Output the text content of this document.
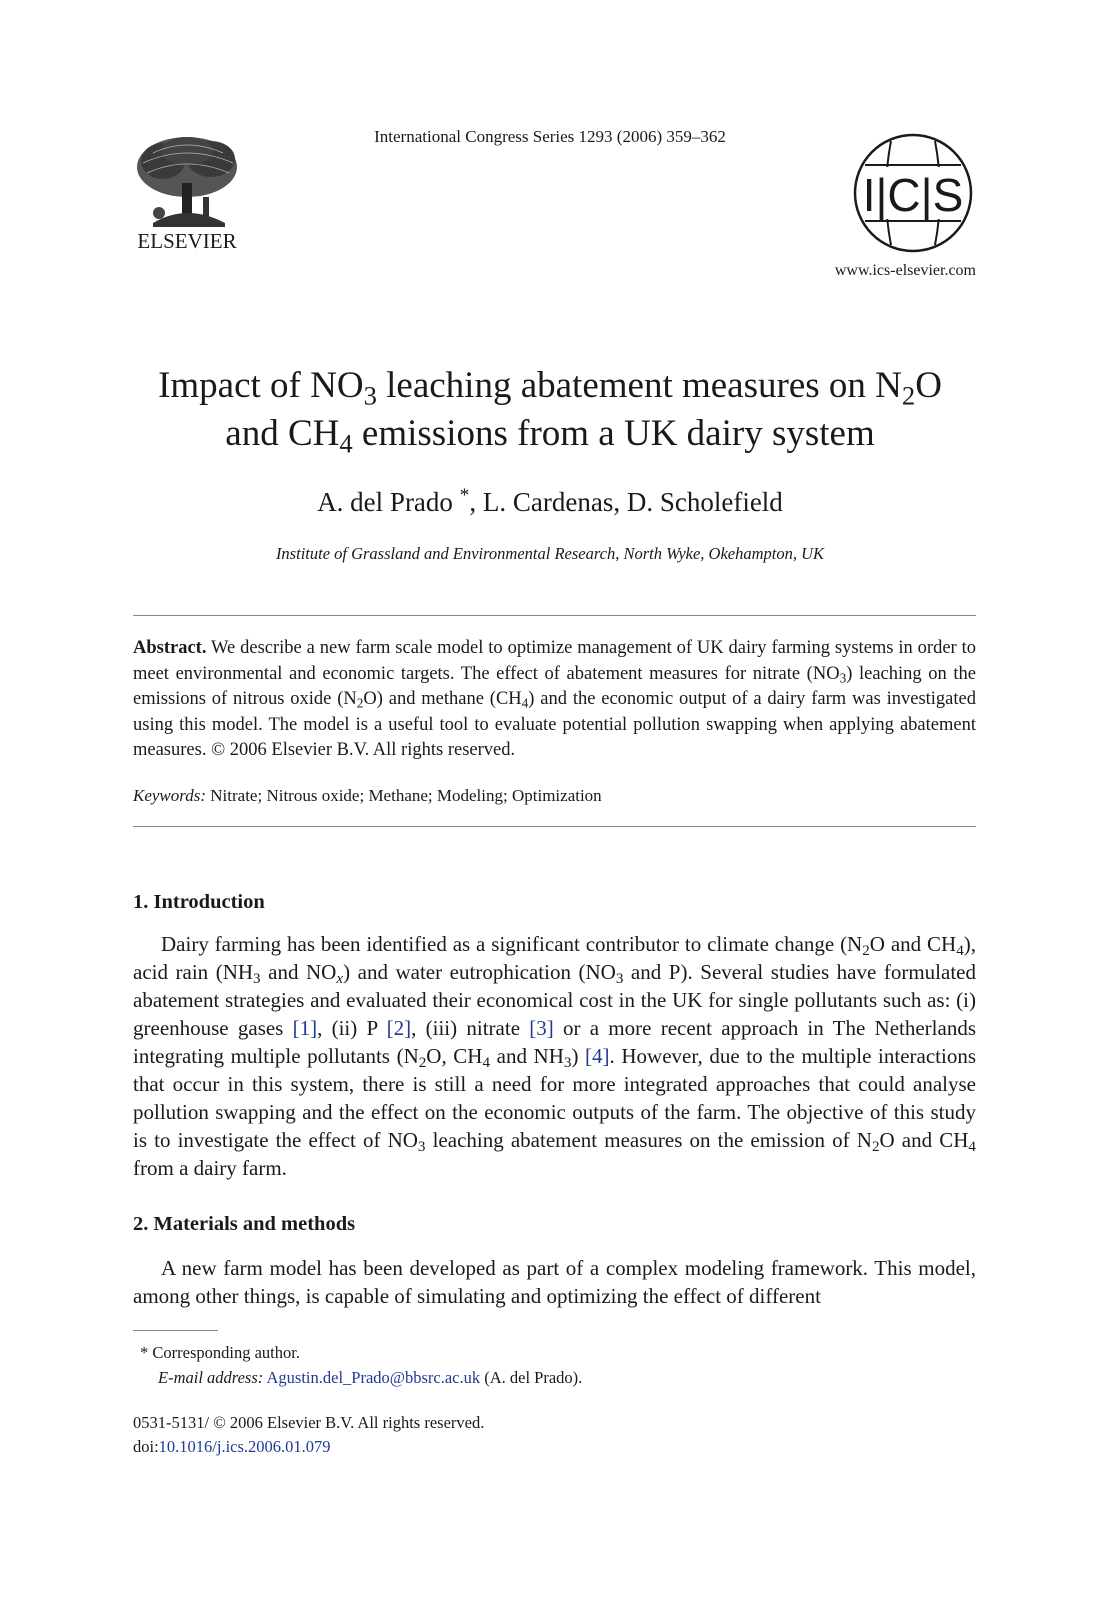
International Congress Series 1293 (2006) 359–362
ELSEVIER
I|C|S
www.ics-elsevier.com
Impact of $NO_3$ leaching abatement measures on $N_2O$
and $CH_4$ emissions from a UK dairy system
A. del Prado *, L. Cardenas, D. Scholefield
Institute of Grassland and Environmental Research, North Wyke, Okehampton, UK
Abstract. We describe a new farm scale model to optimize management of UK dairy farming systems in order to meet environmental and economic targets. The effect of abatement measures for nitrate $(NO_3)$ leaching on the emissions of nitrous oxide $(N_2O)$ and methane $(CH_4)$ and the economic output of a dairy farm was investigated using this model. The model is a useful tool to evaluate potential pollution swapping when applying abatement measures. © 2006 Elsevier B.V. All rights reserved.
Keywords: Nitrate; Nitrous oxide; Methane; Modeling; Optimization
1. Introduction

Dairy farming has been identified as a significant contributor to climate change ($N_2O$ and $CH_4$), acid rain ($NH_3$ and $NO_x$) and water eutrophication ($NO_3$ and P). Several studies have formulated abatement strategies and evaluated their economical cost in the UK for single pollutants such as: (i) greenhouse gases [1], (ii) P [2], (iii) nitrate [3] or a more recent approach in The Netherlands integrating multiple pollutants ($N_2O$, $CH_4$ and $NH_3$) [4]. However, due to the multiple interactions that occur in this system, there is still a need for more integrated approaches that could analyse pollution swapping and the effect on the economic outputs of the farm. The objective of this study is to investigate the effect of $NO_3$ leaching abatement measures on the emission of $N_2O$ and $CH_4$ from a dairy farm.

2. Materials and methods

A new farm model has been developed as part of a complex modeling framework. This model, among other things, is capable of simulating and optimizing the effect of different

* Corresponding author.
E-mail address: Agustin.del_Prado@bbsrc.ac.uk (A. del Prado).
0531-5131/ © 2006 Elsevier B.V. All rights reserved.
doi:10.1016/j.ics.2006.01.079
